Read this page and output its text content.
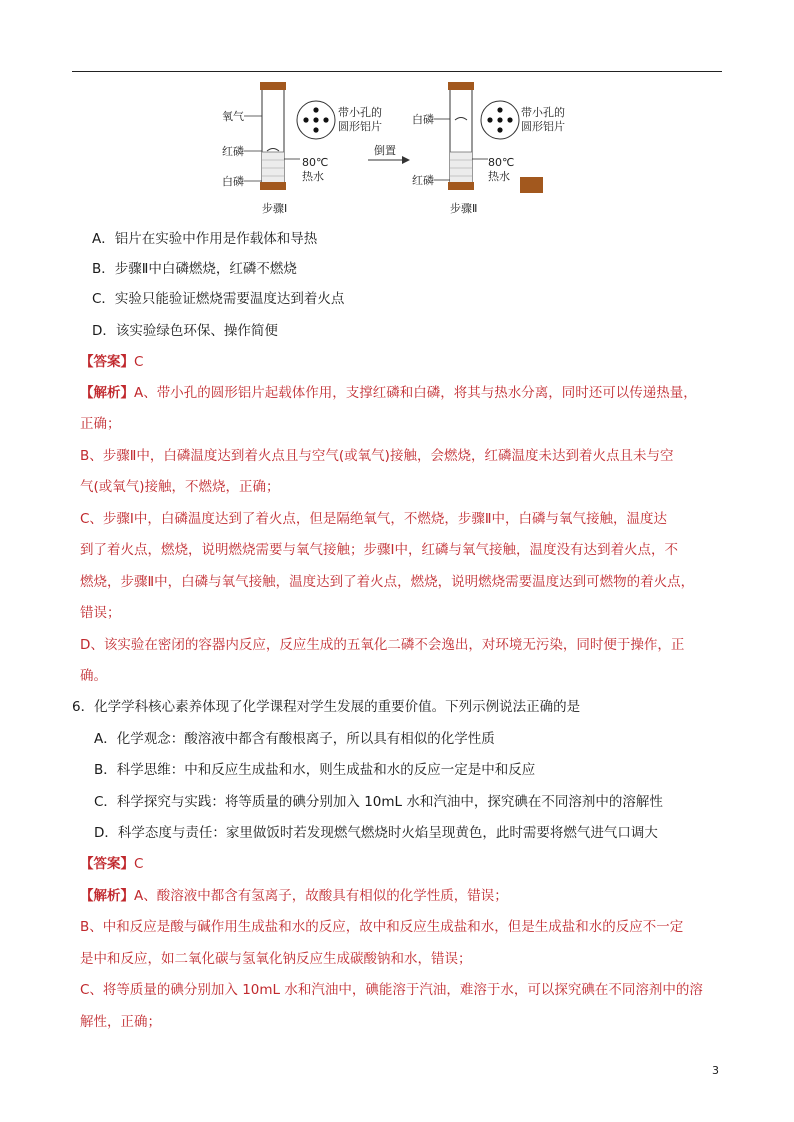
氧气
红磷
白磷
80℃
热水
步骤Ⅰ
带小孔的
圆形铝片
倒置
白磷
红磷
80℃
热水
步骤Ⅱ
带小孔的
圆形铝片
A．铝片在实验中作用是作载体和导热
B．步骤Ⅱ中白磷燃烧，红磷不燃烧
C．实验只能验证燃烧需要温度达到着火点
D．该实验绿色环保、操作简便
【答案】C
【解析】A、带小孔的圆形铝片起载体作用，支撑红磷和白磷，将其与热水分离，同时还可以传递热量，
正确；
B、步骤Ⅱ中，白磷温度达到着火点且与空气(或氧气)接触，会燃烧，红磷温度未达到着火点且未与空
气(或氧气)接触，不燃烧，正确；
C、步骤Ⅰ中，白磷温度达到了着火点，但是隔绝氧气，不燃烧，步骤Ⅱ中，白磷与氧气接触，温度达
到了着火点，燃烧，说明燃烧需要与氧气接触；步骤Ⅰ中，红磷与氧气接触，温度没有达到着火点，不
燃烧，步骤Ⅱ中，白磷与氧气接触，温度达到了着火点，燃烧，说明燃烧需要温度达到可燃物的着火点，
错误；
D、该实验在密闭的容器内反应，反应生成的五氧化二磷不会逸出，对环境无污染，同时便于操作，正
确。
6．化学学科核心素养体现了化学课程对学生发展的重要价值。下列示例说法正确的是
A．化学观念：酸溶液中都含有酸根离子，所以具有相似的化学性质
B．科学思维：中和反应生成盐和水，则生成盐和水的反应一定是中和反应
C．科学探究与实践：将等质量的碘分别加入 10mL 水和汽油中，探究碘在不同溶剂中的溶解性
D．科学态度与责任：家里做饭时若发现燃气燃烧时火焰呈现黄色，此时需要将燃气进气口调大
【答案】C
【解析】A、酸溶液中都含有氢离子，故酸具有相似的化学性质，错误；
B、中和反应是酸与碱作用生成盐和水的反应，故中和反应生成盐和水，但是生成盐和水的反应不一定
是中和反应，如二氧化碳与氢氧化钠反应生成碳酸钠和水，错误；
C、将等质量的碘分别加入 10mL 水和汽油中，碘能溶于汽油，难溶于水，可以探究碘在不同溶剂中的溶
解性，正确；
3
